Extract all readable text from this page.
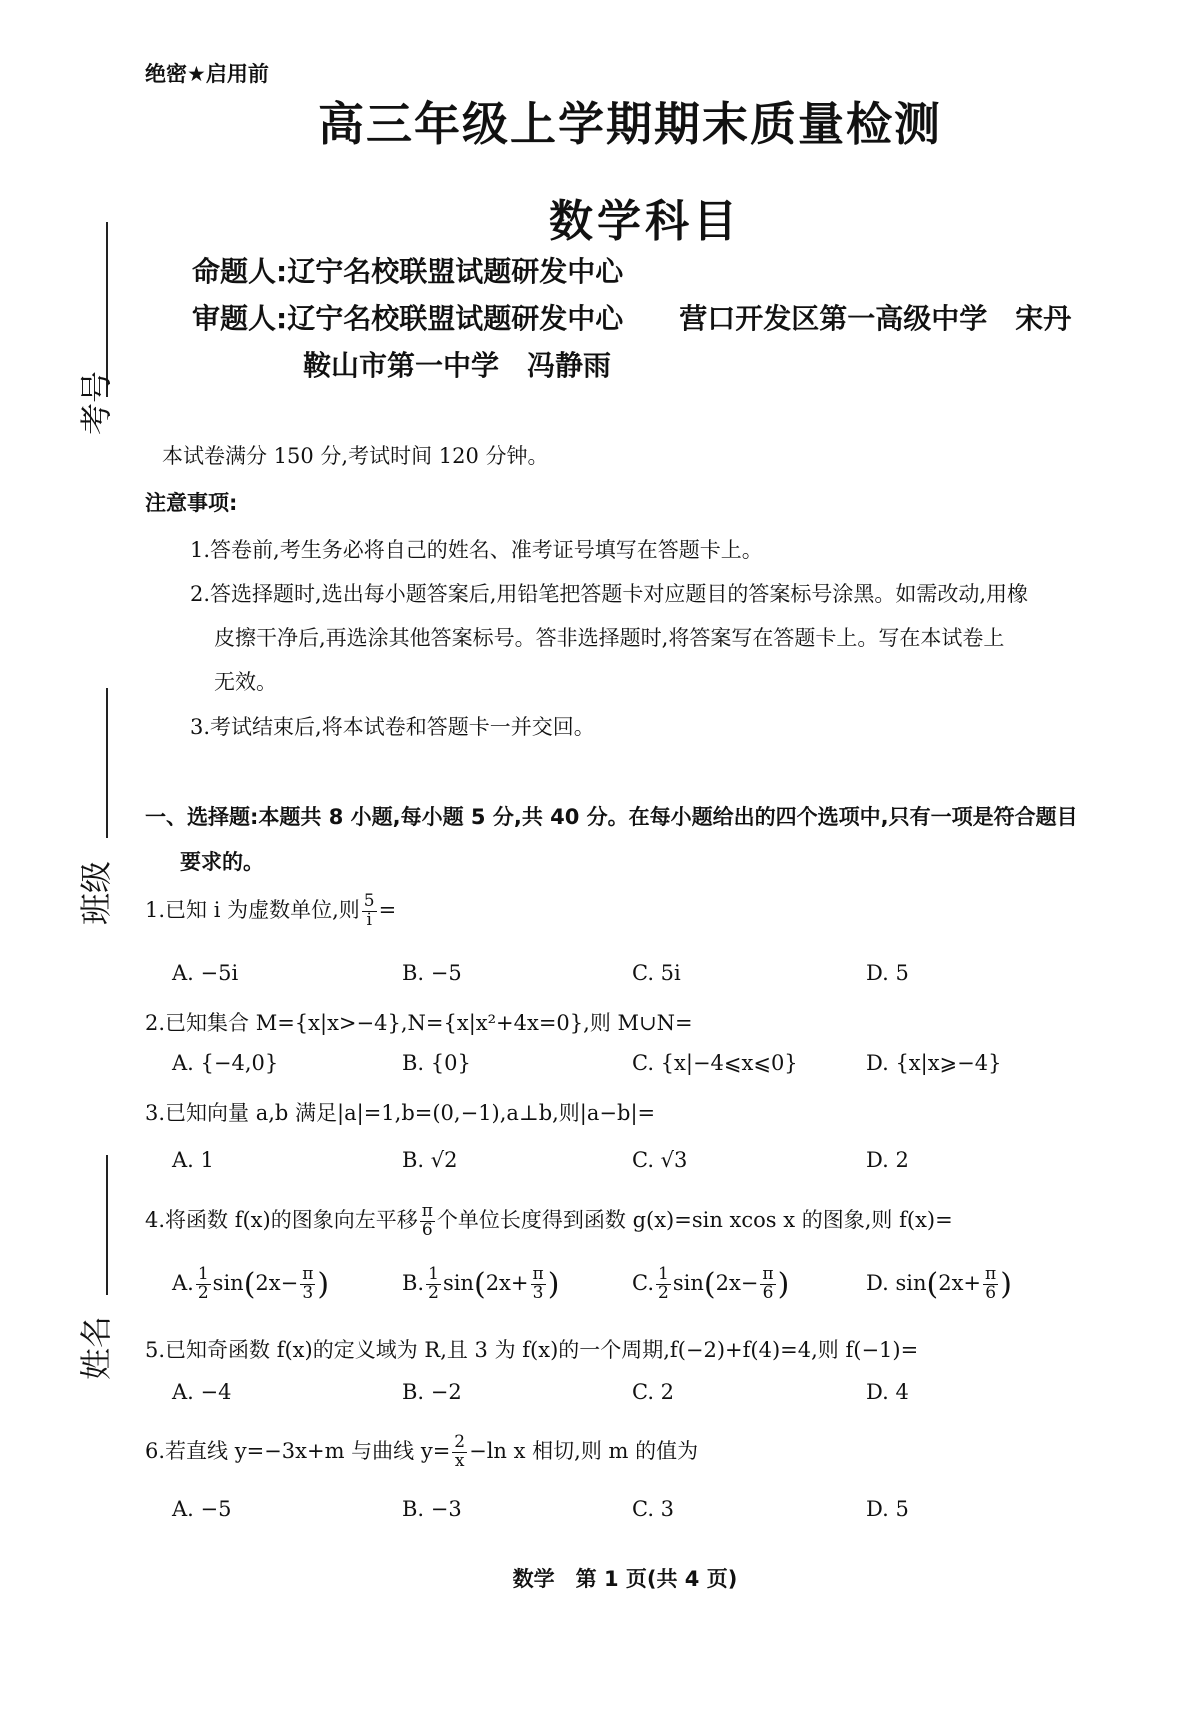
绝密★启用前
高三年级上学期期末质量检测
数学科目
命题人:辽宁名校联盟试题研发中心
审题人:辽宁名校联盟试题研发中心　　营口开发区第一高级中学　宋丹
鞍山市第一中学　冯静雨
考号
班级
姓名
本试卷满分 150 分,考试时间 120 分钟。
注意事项:
1.答卷前,考生务必将自己的姓名、准考证号填写在答题卡上。
2.答选择题时,选出每小题答案后,用铅笔把答题卡对应题目的答案标号涂黑。如需改动,用橡
皮擦干净后,再选涂其他答案标号。答非选择题时,将答案写在答题卡上。写在本试卷上
无效。
3.考试结束后,将本试卷和答题卡一并交回。
一、选择题:本题共 8 小题,每小题 5 分,共 40 分。在每小题给出的四个选项中,只有一项是符合题目
要求的。
1.已知 i 为虚数单位,则 $\frac{5}{i}$ =
A. −5i	B. −5	C. 5i	D. 5
2.已知集合 M={x|x>−4},N={x|x²+4x=0},则 M∪N=
A. {−4,0}	B. {0}	C. {x|−4⩽x⩽0}	D. {x|x⩾−4}
3.已知向量 a,b 满足|a|=1,b=(0,−1),a⊥b,则|a−b|=
A. 1	B. √2	C. √3	D. 2
4.将函数 f(x)的图象向左平移 $\frac{\pi}{6}$ 个单位长度得到函数 g(x)=sin xcos x 的图象,则 f(x)=
A. $\frac{1}{2} \sin(2x- \frac{\pi}{3}$ )	B. $\frac{1}{2} \sin(2x+ \frac{\pi}{3}$ )	C. $\frac{1}{2} \sin(2x- \frac{\pi}{6}$ )	D. $\sin(2x+ \frac{\pi}{6}$ )
5.已知奇函数 f(x)的定义域为 R,且 3 为 f(x)的一个周期,f(−2)+f(4)=4,则 f(−1)=
A. −4	B. −2	C. 2	D. 4
6.若直线 y=−3x+m 与曲线 $y= \frac{2}{x} -\ln$ x 相切,则 m 的值为
A. −5	B. −3	C. 3	D. 5
数学　第 1 页(共 4 页)
